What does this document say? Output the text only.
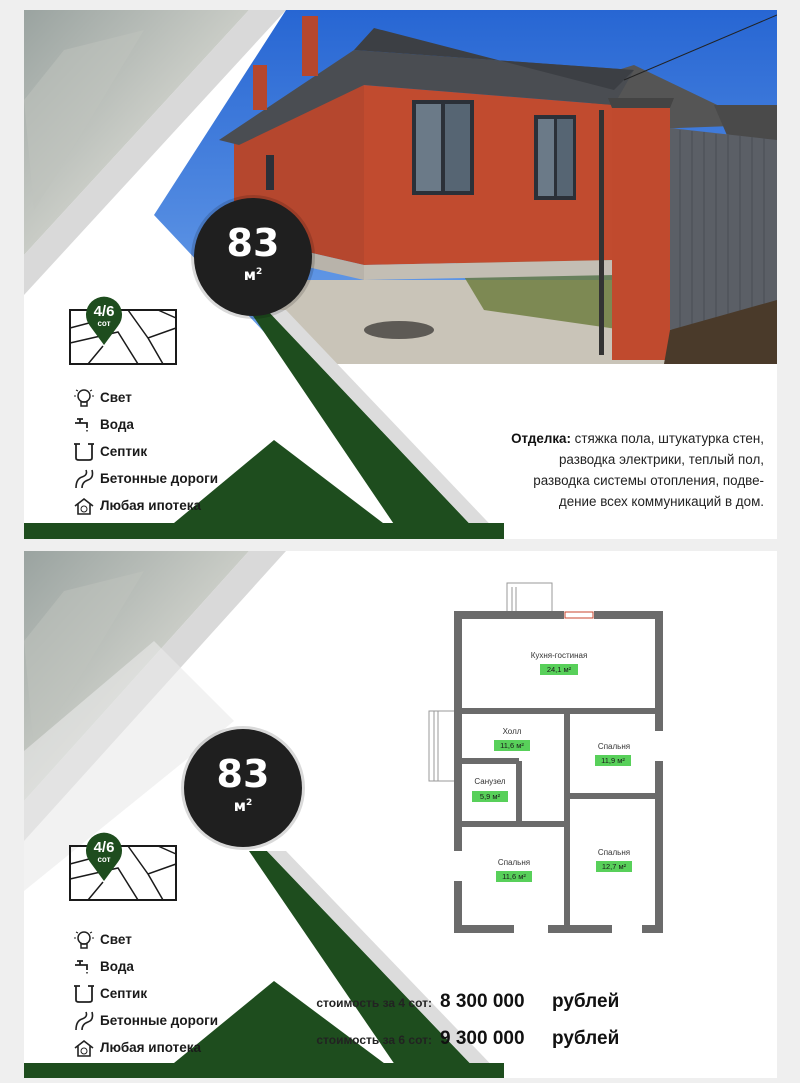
83
$м^2$
4/6
сот
Свет
Вода
Септик
Бетонные дороги
Любая ипотека
Отделка: стяжка пола, штукатурка стен,
разводка электрики, теплый пол,
разводка системы отопления, подве-
дение всех коммуникаций в дом.
83
$м^2$
4/6
сот
Свет
Вода
Септик
Бетонные дороги
Любая ипотека
Кухня-гостиная
Холл
Спальня
Санузел
Спальня
Спальня
24,1 м²
11,6 м²
11,9 м²
5,9 м²
11,6 м²
12,7 м²
стоимость за 4 сот: 8 300 000	рублей
стоимость за 6 сот: 9 300 000	рублей
